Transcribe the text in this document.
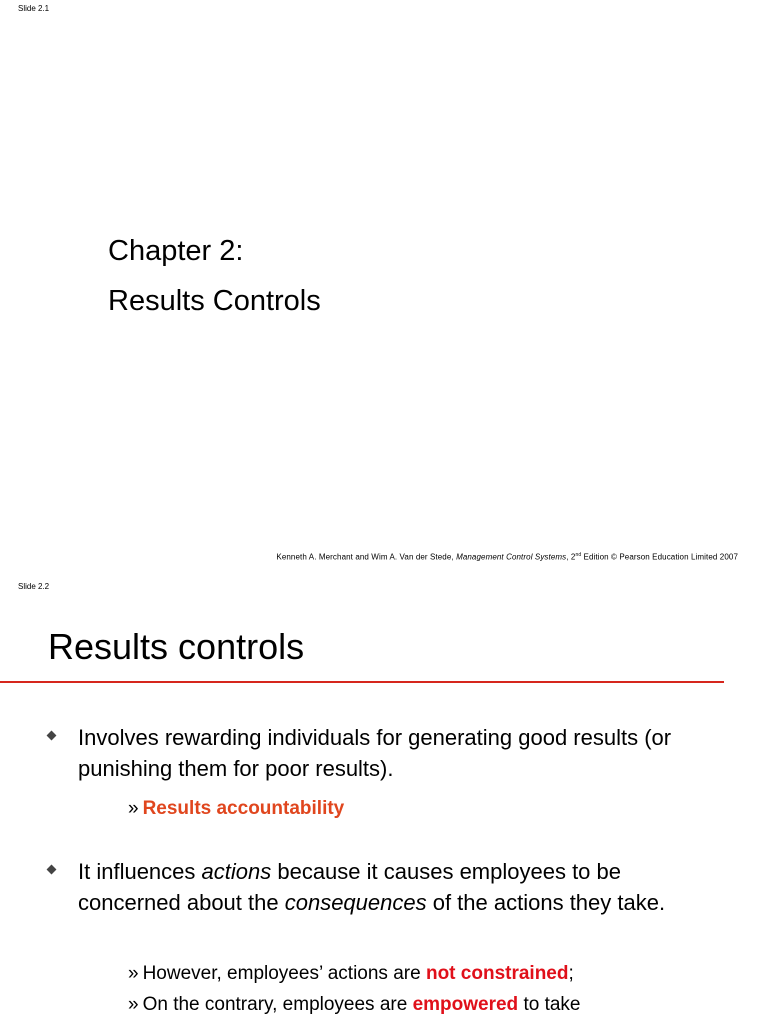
Slide 2.1
Chapter 2:
Results Controls
Kenneth A. Merchant and Wim A. Van der Stede, Management Control Systems, 2nd Edition © Pearson Education Limited 2007
Slide 2.2
Results controls
Involves rewarding individuals for generating good results (or punishing them for poor results).
» Results accountability
It influences actions because it causes employees to be concerned about the consequences of the actions they take.
» However, employees’ actions are not constrained;
» On the contrary, employees are empowered to take
